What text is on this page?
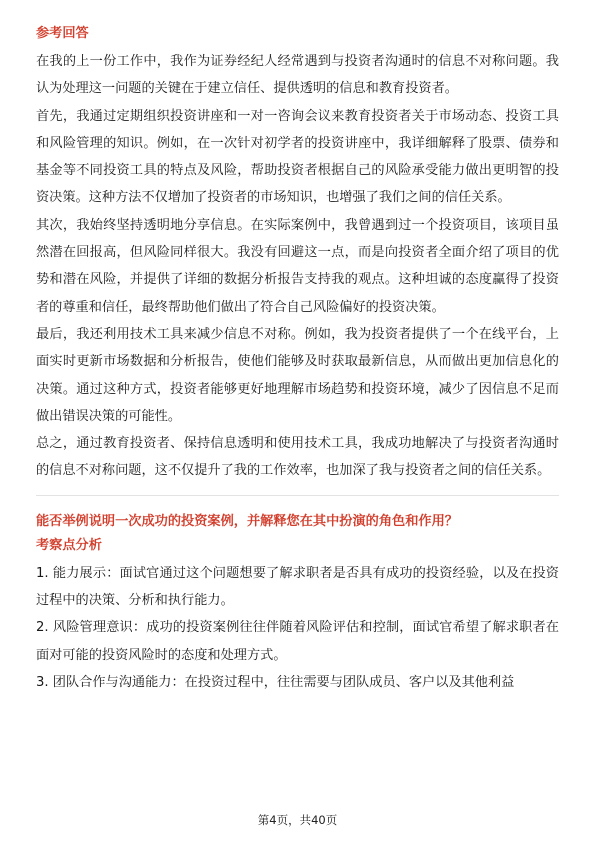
参考回答

在我的上一份工作中，我作为证券经纪人经常遇到与投资者沟通时的信息不对称问题。我认为处理这一问题的关键在于建立信任、提供透明的信息和教育投资者。

首先，我通过定期组织投资讲座和一对一咨询会议来教育投资者关于市场动态、投资工具和风险管理的知识。例如，在一次针对初学者的投资讲座中，我详细解释了股票、债券和基金等不同投资工具的特点及风险，帮助投资者根据自己的风险承受能力做出更明智的投资决策。这种方法不仅增加了投资者的市场知识，也增强了我们之间的信任关系。

其次，我始终坚持透明地分享信息。在实际案例中，我曾遇到过一个投资项目，该项目虽然潜在回报高，但风险同样很大。我没有回避这一点，而是向投资者全面介绍了项目的优势和潜在风险，并提供了详细的数据分析报告支持我的观点。这种坦诚的态度赢得了投资者的尊重和信任，最终帮助他们做出了符合自己风险偏好的投资决策。

最后，我还利用技术工具来减少信息不对称。例如，我为投资者提供了一个在线平台，上面实时更新市场数据和分析报告，使他们能够及时获取最新信息，从而做出更加信息化的决策。通过这种方式，投资者能够更好地理解市场趋势和投资环境，减少了因信息不足而做出错误决策的可能性。

总之，通过教育投资者、保持信息透明和使用技术工具，我成功地解决了与投资者沟通时的信息不对称问题，这不仅提升了我的工作效率，也加深了我与投资者之间的信任关系。

能否举例说明一次成功的投资案例，并解释您在其中扮演的角色和作用？
考察点分析

1. 能力展示：面试官通过这个问题想要了解求职者是否具有成功的投资经验，以及在投资过程中的决策、分析和执行能力。

2. 风险管理意识：成功的投资案例往往伴随着风险评估和控制，面试官希望了解求职者在面对可能的投资风险时的态度和处理方式。

3. 团队合作与沟通能力：在投资过程中，往往需要与团队成员、客户以及其他利益

第4页，共40页
